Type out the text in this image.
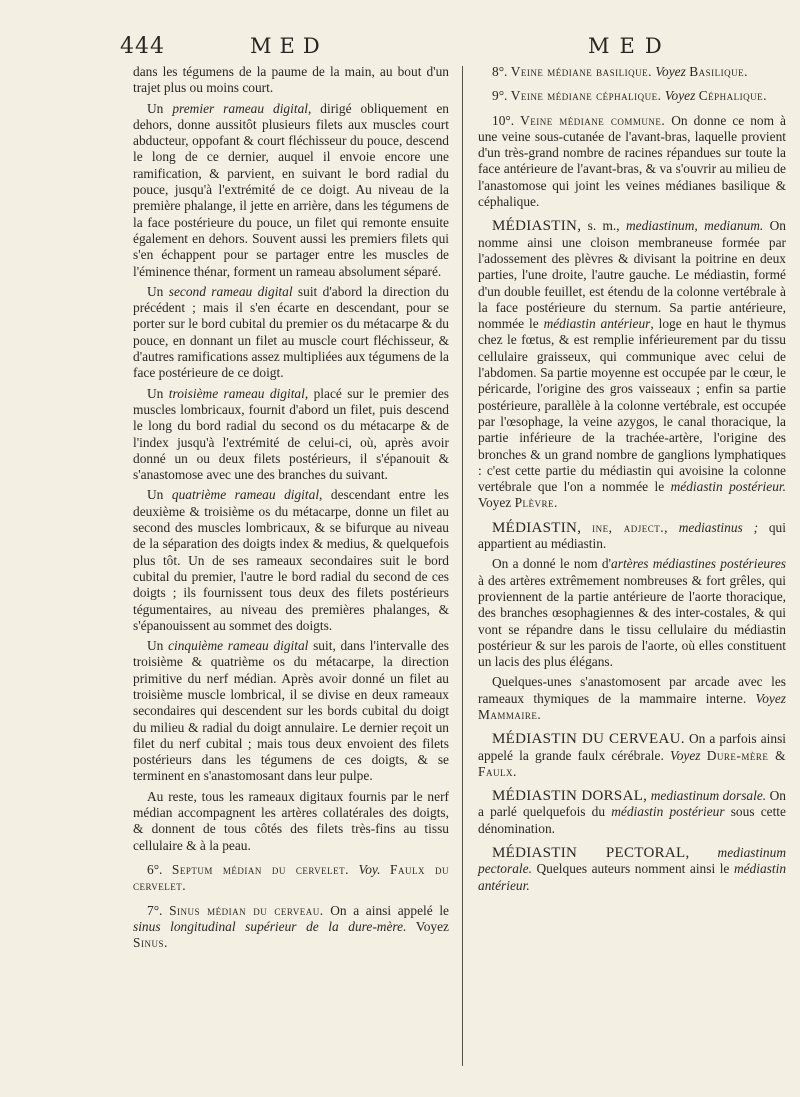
444	MED	MED

dans les tégumens de la paume de la main, au bout d'un trajet plus ou moins court.

Un premier rameau digital, dirigé obliquement en dehors, donne aussitôt plusieurs filets aux muscles court abducteur, oppofant & court fléchisseur du pouce, descend le long de ce dernier, auquel il envoie encore une ramification, & parvient, en suivant le bord radial du pouce, jusqu'à l'extrémité de ce doigt. Au niveau de la première phalange, il jette en arrière, dans les tégumens de la face postérieure du pouce, un filet qui remonte ensuite également en dehors. Souvent aussi les premiers filets qui s'en échappent pour se partager entre les muscles de l'éminence thénar, forment un rameau absolument séparé.

Un second rameau digital suit d'abord la direction du précédent ; mais il s'en écarte en descendant, pour se porter sur le bord cubital du premier os du métacarpe & du pouce, en donnant un filet au muscle court fléchisseur, & d'autres ramifications assez multipliées aux tégumens de la face postérieure de ce doigt.

Un troisième rameau digital, placé sur le premier des muscles lombricaux, fournit d'abord un filet, puis descend le long du bord radial du second os du métacarpe & de l'index jusqu'à l'extrémité de celui-ci, où, après avoir donné un ou deux filets postérieurs, il s'épanouit & s'anastomose avec une des branches du suivant.

Un quatrième rameau digital, descendant entre les deuxième & troisième os du métacarpe, donne un filet au second des muscles lombricaux, & se bifurque au niveau de la séparation des doigts index & medius, & quelquefois plus tôt. Un de ses rameaux secondaires suit le bord cubital du premier, l'autre le bord radial du second de ces doigts ; ils fournissent tous deux des filets postérieurs tégumentaires, au niveau des premières phalanges, & s'épanouissent au sommet des doigts.

Un cinquième rameau digital suit, dans l'intervalle des troisième & quatrième os du métacarpe, la direction primitive du nerf médian. Après avoir donné un filet au troisième muscle lombrical, il se divise en deux rameaux secondaires qui descendent sur les bords cubital du doigt du milieu & radial du doigt annulaire. Le dernier reçoit un filet du nerf cubital ; mais tous deux envoient des filets postérieurs dans les tégumens de ces doigts, & se terminent en s'anastomosant dans leur pulpe.

Au reste, tous les rameaux digitaux fournis par le nerf médian accompagnent les artères collatérales des doigts, & donnent de tous côtés des filets très-fins au tissu cellulaire & à la peau.

6°. Septum médian du cervelet. Voy. Faulx du cervelet.

7°. Sinus médian du cerveau. On a ainsi appelé le sinus longitudinal supérieur de la dure-mère. Voyez Sinus.

8°. Veine médiane basilique. Voyez Basilique.

9°. Veine médiane céphalique. Voyez Céphalique.

10°. Veine médiane commune. On donne ce nom à une veine sous-cutanée de l'avant-bras, laquelle provient d'un très-grand nombre de racines répandues sur toute la face antérieure de l'avant-bras, & va s'ouvrir au milieu de l'anastomose qui joint les veines médianes basilique & céphalique.

MÉDIASTIN, s. m., mediastinum, medianum. On nomme ainsi une cloison membraneuse formée par l'adossement des plèvres & divisant la poitrine en deux parties, l'une droite, l'autre gauche. Le médiastin, formé d'un double feuillet, est étendu de la colonne vertébrale à la face postérieure du sternum. Sa partie antérieure, nommée le médiastin antérieur, loge en haut le thymus chez le fœtus, & est remplie inférieurement par du tissu cellulaire graisseux, qui communique avec celui de l'abdomen. Sa partie moyenne est occupée par le cœur, le péricarde, l'origine des gros vaisseaux ; enfin sa partie postérieure, parallèle à la colonne vertébrale, est occupée par l'œsophage, la veine azygos, le canal thoracique, la partie inférieure de la trachée-artère, l'origine des bronches & un grand nombre de ganglions lymphatiques : c'est cette partie du médiastin qui avoisine la colonne vertébrale que l'on a nommée le médiastin postérieur. Voyez Plèvre.

MÉDIASTIN, ine, adject., mediastinus ; qui appartient au médiastin.

On a donné le nom d'artères médiastines postérieures à des artères extrêmement nombreuses & fort grêles, qui proviennent de la partie antérieure de l'aorte thoracique, des branches œsophagiennes & des inter-costales, & qui vont se répandre dans le tissu cellulaire du médiastin postérieur & sur les parois de l'aorte, où elles constituent un lacis des plus élégans.

Quelques-unes s'anastomosent par arcade avec les rameaux thymiques de la mammaire interne. Voyez Mammaire.

MÉDIASTIN DU CERVEAU. On a parfois ainsi appelé la grande faulx cérébrale. Voyez Dure-mère & Faulx.

MÉDIASTIN DORSAL, mediastinum dorsale. On a parlé quelquefois du médiastin postérieur sous cette dénomination.

MÉDIASTIN PECTORAL, mediastinum pectorale. Quelques auteurs nomment ainsi le médiastin antérieur.
